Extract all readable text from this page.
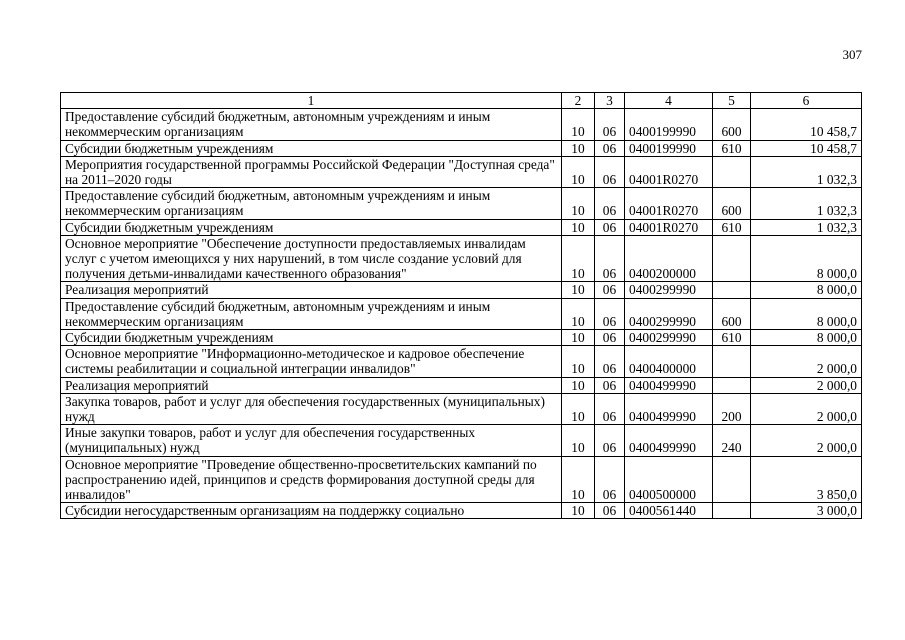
307
1	2	3	4	5	6
Предоставление субсидий бюджетным, автономным учреждениям и иным некоммерческим организациям	10	06	0400199990	600	10 458,7
Субсидии бюджетным учреждениям	10	06	0400199990	610	10 458,7
Мероприятия государственной программы Российской Федерации "Доступная среда" на 2011–2020 годы	10	06	04001R0270		1 032,3
Предоставление субсидий бюджетным, автономным учреждениям и иным некоммерческим организациям	10	06	04001R0270	600	1 032,3
Субсидии бюджетным учреждениям	10	06	04001R0270	610	1 032,3
Основное мероприятие "Обеспечение доступности предоставляемых инвалидам услуг с учетом имеющихся у них нарушений, в том числе создание условий для получения детьми-инвалидами качественного образования"	10	06	0400200000		8 000,0
Реализация мероприятий	10	06	0400299990		8 000,0
Предоставление субсидий бюджетным, автономным учреждениям и иным некоммерческим организациям	10	06	0400299990	600	8 000,0
Субсидии бюджетным учреждениям	10	06	0400299990	610	8 000,0
Основное мероприятие "Информационно-методическое и кадровое обеспечение системы реабилитации и социальной интеграции инвалидов"	10	06	0400400000		2 000,0
Реализация мероприятий	10	06	0400499990		2 000,0
Закупка товаров, работ и услуг для обеспечения государственных (муниципальных) нужд	10	06	0400499990	200	2 000,0
Иные закупки товаров, работ и услуг для обеспечения государственных (муниципальных) нужд	10	06	0400499990	240	2 000,0
Основное мероприятие "Проведение общественно-просветительских кампаний по распространению идей, принципов и средств формирования доступной среды для инвалидов"	10	06	0400500000		3 850,0
Субсидии негосударственным организациям на поддержку социально	10	06	0400561440		3 000,0
